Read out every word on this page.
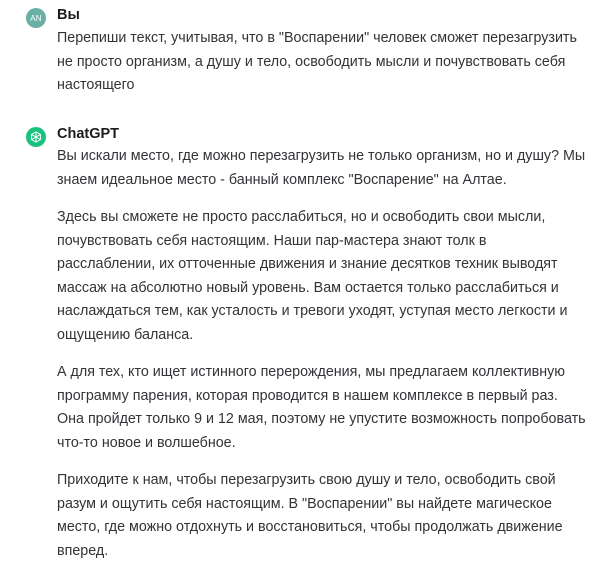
AN Вы

Перепиши текст, учитывая, что в "Воспарении" человек сможет перезагрузить не просто организм, а душу и тело, освободить мысли и почувствовать себя настоящего

ChatGPT

Вы искали место, где можно перезагрузить не только организм, но и душу? Мы знаем идеальное место - банный комплекс "Воспарение" на Алтае.

Здесь вы сможете не просто расслабиться, но и освободить свои мысли, почувствовать себя настоящим. Наши пар-мастера знают толк в расслаблении, их отточенные движения и знание десятков техник выводят массаж на абсолютно новый уровень. Вам остается только расслабиться и наслаждаться тем, как усталость и тревоги уходят, уступая место легкости и ощущению баланса.

А для тех, кто ищет истинного перерождения, мы предлагаем коллективную программу парения, которая проводится в нашем комплексе в первый раз. Она пройдет только 9 и 12 мая, поэтому не упустите возможность попробовать что-то новое и волшебное.

Приходите к нам, чтобы перезагрузить свою душу и тело, освободить свой разум и ощутить себя настоящим. В "Воспарении" вы найдете магическое место, где можно отдохнуть и восстановиться, чтобы продолжать движение вперед.
